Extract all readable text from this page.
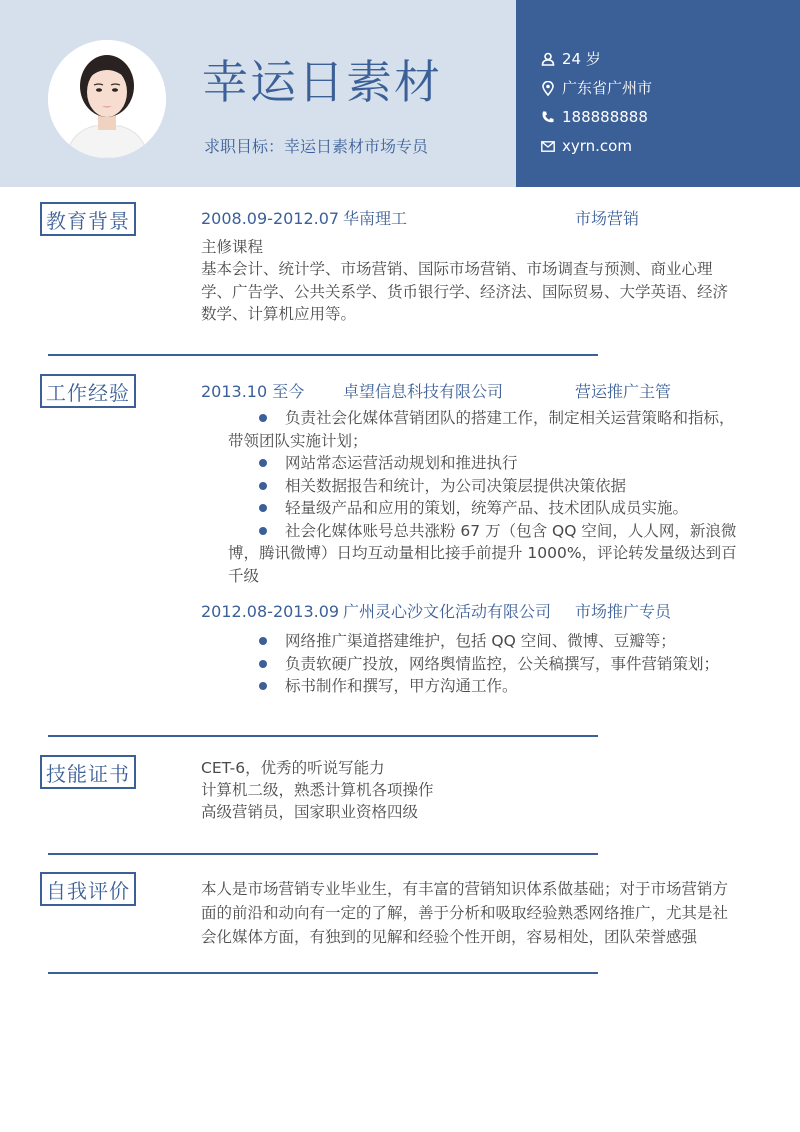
幸运日素材
求职目标：幸运日素材市场专员
24 岁
广东省广州市
188888888
xyrn.com
教育背景	2008.09-2012.07 华南理工	市场营销
主修课程
基本会计、统计学、市场营销、国际市场营销、市场调查与预测、商业心理学、广告学、公共关系学、货币银行学、经济法、国际贸易、大学英语、经济数学、计算机应用等。
工作经验	2013.10 至今 卓望信息科技有限公司	营运推广主管
负责社会化媒体营销团队的搭建工作，制定相关运营策略和指标，带领团队实施计划；
网站常态运营活动规划和推进执行
相关数据报告和统计，为公司决策层提供决策依据
轻量级产品和应用的策划，统筹产品、技术团队成员实施。
社会化媒体账号总共涨粉 67 万（包含 QQ 空间，人人网，新浪微博，腾讯微博）日均互动量相比接手前提升 1000%，评论转发量级达到百千级
2012.08-2013.09 广州灵心沙文化活动有限公司 市场推广专员
网络推广渠道搭建维护，包括 QQ 空间、微博、豆瓣等；
负责软硬广投放，网络舆情监控，公关稿撰写，事件营销策划；
标书制作和撰写，甲方沟通工作。
技能证书	CET-6，优秀的听说写能力
计算机二级，熟悉计算机各项操作
高级营销员，国家职业资格四级
自我评价	本人是市场营销专业毕业生，有丰富的营销知识体系做基础；对于市场营销方面的前沿和动向有一定的了解，善于分析和吸取经验熟悉网络推广，尤其是社会化媒体方面，有独到的见解和经验个性开朗，容易相处，团队荣誉感强
